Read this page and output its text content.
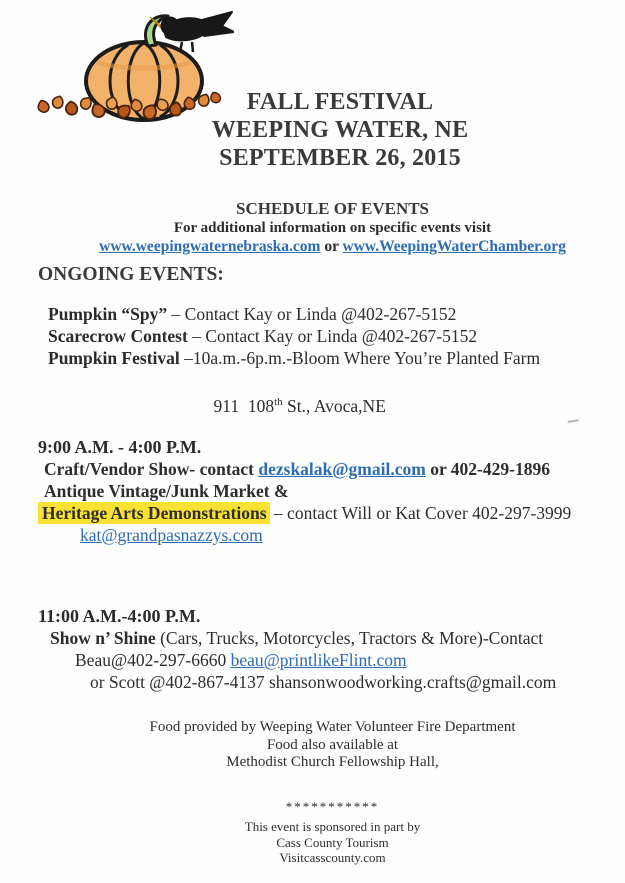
FALL FESTIVAL
WEEPING WATER, NE
SEPTEMBER 26, 2015
SCHEDULE OF EVENTS
For additional information on specific events visit
www.weepingwaternebraska.com or www.WeepingWaterChamber.org
ONGOING EVENTS:
Pumpkin “Spy” – Contact Kay or Linda @402-267-5152
Scarecrow Contest – Contact Kay or Linda @402-267-5152
Pumpkin Festival –10a.m.-6p.m.-Bloom Where You’re Planted Farm

911  108th St., Avoca,NE

9:00 A.M. - 4:00 P.M.
Craft/Vendor Show- contact dezskalak@gmail.com or 402-429-1896
Antique Vintage/Junk Market &
Heritage Arts Demonstrations – contact Will or Kat Cover 402-297-3999
kat@grandpasnazzys.com
11:00 A.M.-4:00 P.M.
Show n’ Shine (Cars, Trucks, Motorcycles, Tractors & More)-Contact
Beau@402-297-6660 beau@printlikeFlint.com
or Scott @402-867-4137 shansonwoodworking.crafts@gmail.com
Food provided by Weeping Water Volunteer Fire Department
Food also available at
Methodist Church Fellowship Hall,
***********
This event is sponsored in part by
Cass County Tourism
Visitcasscounty.com
